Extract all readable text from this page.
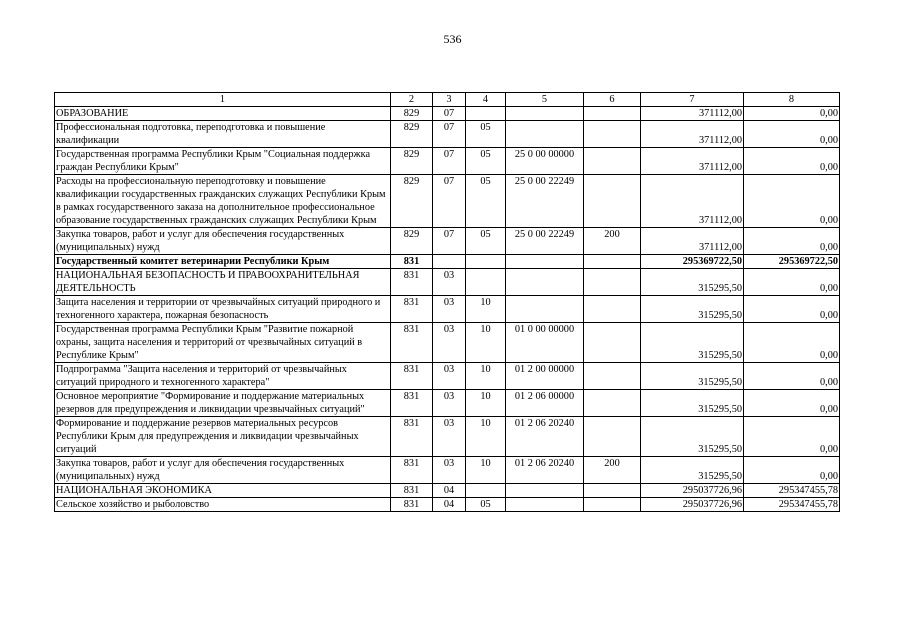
536
1	2	3	4	5	6	7	8
ОБРАЗОВАНИЕ	829	07				371112,00	0,00
Профессиональная подготовка, переподготовка и повышение квалификации	829	07	05			371112,00	0,00
Государственная программа Республики Крым "Социальная поддержка граждан Республики Крым"	829	07	05	25 0 00 00000		371112,00	0,00
Расходы на профессиональную переподготовку и повышение квалификации государственных гражданских служащих Республики Крым в рамках государственного заказа на дополнительное профессиональное образование государственных гражданских служащих Республики Крым	829	07	05	25 0 00 22249		371112,00	0,00
Закупка товаров, работ и услуг для обеспечения государственных (муниципальных) нужд	829	07	05	25 0 00 22249	200	371112,00	0,00
Государственный комитет ветеринарии Республики Крым	831					295369722,50	295369722,50
НАЦИОНАЛЬНАЯ БЕЗОПАСНОСТЬ И ПРАВООХРАНИТЕЛЬНАЯ ДЕЯТЕЛЬНОСТЬ	831	03				315295,50	0,00
Защита населения и территории от чрезвычайных ситуаций природного и техногенного характера, пожарная безопасность	831	03	10			315295,50	0,00
Государственная программа Республики Крым "Развитие пожарной охраны, защита населения и территорий от чрезвычайных ситуаций в Республике Крым"	831	03	10	01 0 00 00000		315295,50	0,00
Подпрограмма "Защита населения и территорий от чрезвычайных ситуаций природного и техногенного характера"	831	03	10	01 2 00 00000		315295,50	0,00
Основное мероприятие "Формирование и поддержание материальных резервов для предупреждения и ликвидации чрезвычайных ситуаций"	831	03	10	01 2 06 00000		315295,50	0,00
Формирование и поддержание резервов материальных ресурсов Республики Крым для предупреждения и ликвидации чрезвычайных ситуаций	831	03	10	01 2 06 20240		315295,50	0,00
Закупка товаров, работ и услуг для обеспечения государственных (муниципальных) нужд	831	03	10	01 2 06 20240	200	315295,50	0,00
НАЦИОНАЛЬНАЯ ЭКОНОМИКА	831	04				295037726,96	295347455,78
Сельское хозяйство и рыболовство	831	04	05			295037726,96	295347455,78
